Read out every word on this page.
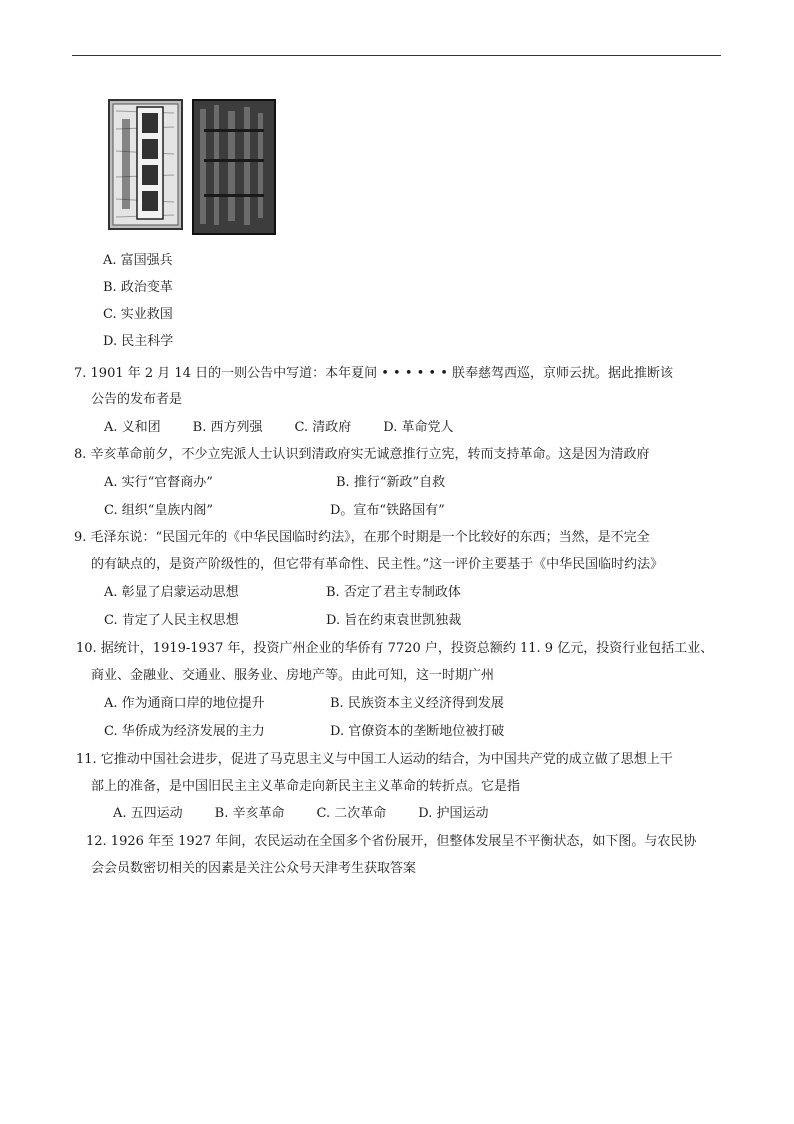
A. 富国强兵
B. 政治变革
C. 实业救国
D. 民主科学
7. 1901 年 2 月 14 日的一则公告中写道：本年夏间 • • • • • • 朕奉慈驾西巡，京师云扰。据此推断该
公告的发布者是
A. 义和团 B. 西方列强 C. 清政府 D. 革命党人
8. 辛亥革命前夕，不少立宪派人士认识到清政府实无诚意推行立宪，转而支持革命。这是因为清政府
A. 实行“官督商办”	B. 推行“新政”自救
C. 组织“皇族内阁”	D。宣布“铁路国有”
9. 毛泽东说：“民国元年的《中华民国临时约法》，在那个时期是一个比较好的东西；当然，是不完全
的有缺点的，是资产阶级性的，但它带有革命性、民主性。”这一评价主要基于《中华民国临时约法》
A. 彰显了启蒙运动思想	B. 否定了君主专制政体
C. 肯定了人民主权思想	D. 旨在约束袁世凯独裁
10. 据统计，1919-1937 年，投资广州企业的华侨有 7720 户，投资总额约 11. 9 亿元，投资行业包括工业、
商业、金融业、交通业、服务业、房地产等。由此可知，这一时期广州
A. 作为通商口岸的地位提升	B. 民族资本主义经济得到发展
C. 华侨成为经济发展的主力	D. 官僚资本的垄断地位被打破
11. 它推动中国社会进步，促进了马克思主义与中国工人运动的结合，为中国共产党的成立做了思想上干
部上的准备，是中国旧民主主义革命走向新民主主义革命的转折点。它是指
A. 五四运动 B. 辛亥革命 C. 二次革命 D. 护国运动
12. 1926 年至 1927 年间，农民运动在全国多个省份展开，但整体发展呈不平衡状态，如下图。与农民协
会会员数密切相关的因素是关注公众号天津考生获取答案
